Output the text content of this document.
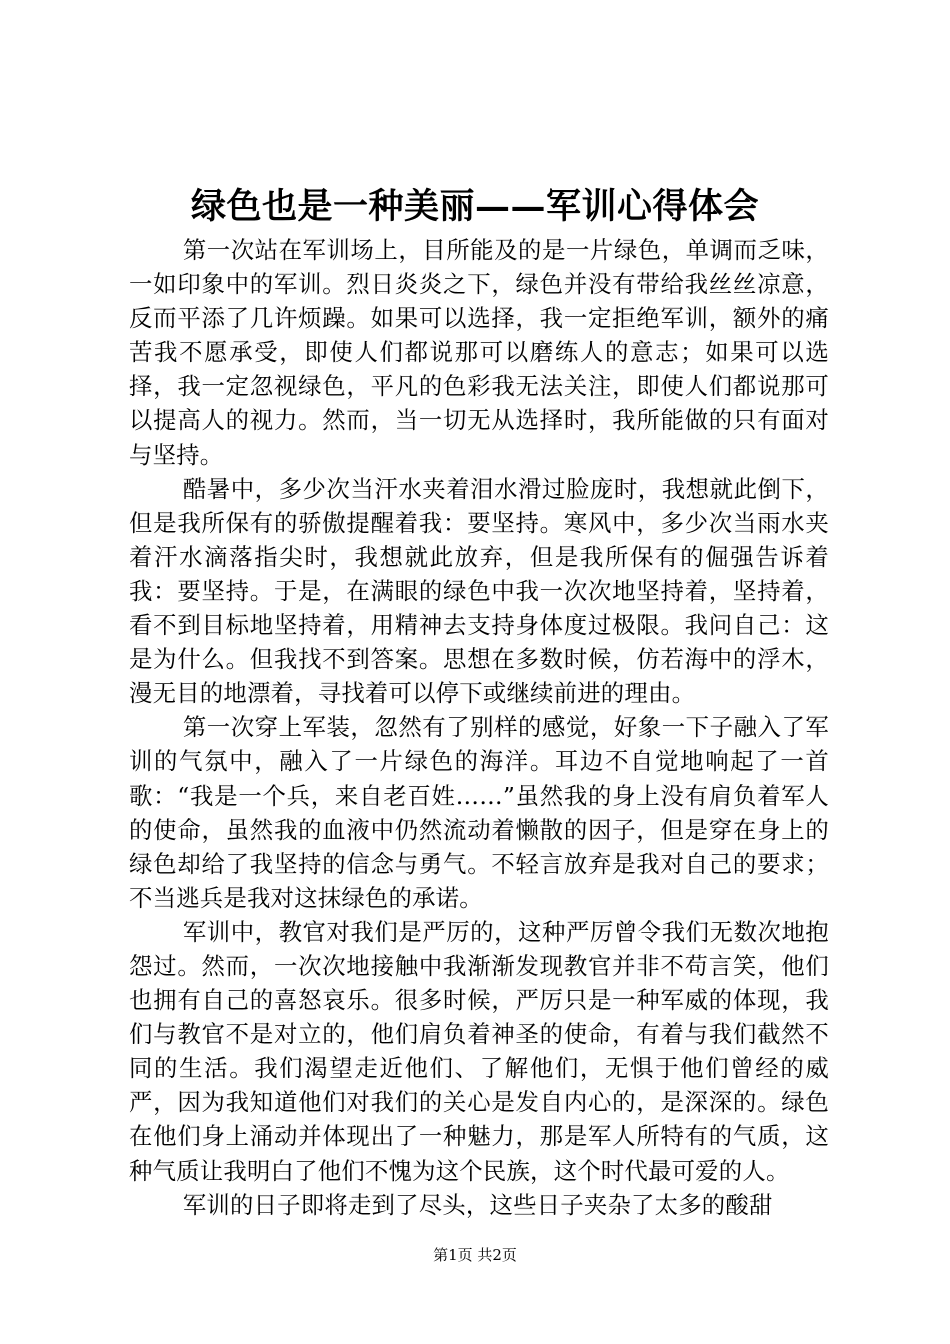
绿色也是一种美丽——军训心得体会

第一次站在军训场上，目所能及的是一片绿色，单调而乏味，一如印象中的军训。烈日炎炎之下，绿色并没有带给我丝丝凉意，反而平添了几许烦躁。如果可以选择，我一定拒绝军训，额外的痛苦我不愿承受，即使人们都说那可以磨练人的意志；如果可以选择，我一定忽视绿色，平凡的色彩我无法关注，即使人们都说那可以提高人的视力。然而，当一切无从选择时，我所能做的只有面对与坚持。

酷暑中，多少次当汗水夹着泪水滑过脸庞时，我想就此倒下，但是我所保有的骄傲提醒着我：要坚持。寒风中，多少次当雨水夹着汗水滴落指尖时，我想就此放弃，但是我所保有的倔强告诉着我：要坚持。于是，在满眼的绿色中我一次次地坚持着，坚持着，看不到目标地坚持着，用精神去支持身体度过极限。我问自己：这是为什么。但我找不到答案。思想在多数时候，仿若海中的浮木，漫无目的地漂着，寻找着可以停下或继续前进的理由。

第一次穿上军装，忽然有了别样的感觉，好象一下子融入了军训的气氛中，融入了一片绿色的海洋。耳边不自觉地响起了一首歌：“我是一个兵，来自老百姓……”虽然我的身上没有肩负着军人的使命，虽然我的血液中仍然流动着懒散的因子，但是穿在身上的绿色却给了我坚持的信念与勇气。不轻言放弃是我对自己的要求；不当逃兵是我对这抹绿色的承诺。

军训中，教官对我们是严厉的，这种严厉曾令我们无数次地抱怨过。然而，一次次地接触中我渐渐发现教官并非不苟言笑，他们也拥有自己的喜怒哀乐。很多时候，严厉只是一种军威的体现，我们与教官不是对立的，他们肩负着神圣的使命，有着与我们截然不同的生活。我们渴望走近他们、了解他们，无惧于他们曾经的威严，因为我知道他们对我们的关心是发自内心的，是深深的。绿色在他们身上涌动并体现出了一种魅力，那是军人所特有的气质，这种气质让我明白了他们不愧为这个民族，这个时代最可爱的人。

军训的日子即将走到了尽头，这些日子夹杂了太多的酸甜

第1页 共2页
